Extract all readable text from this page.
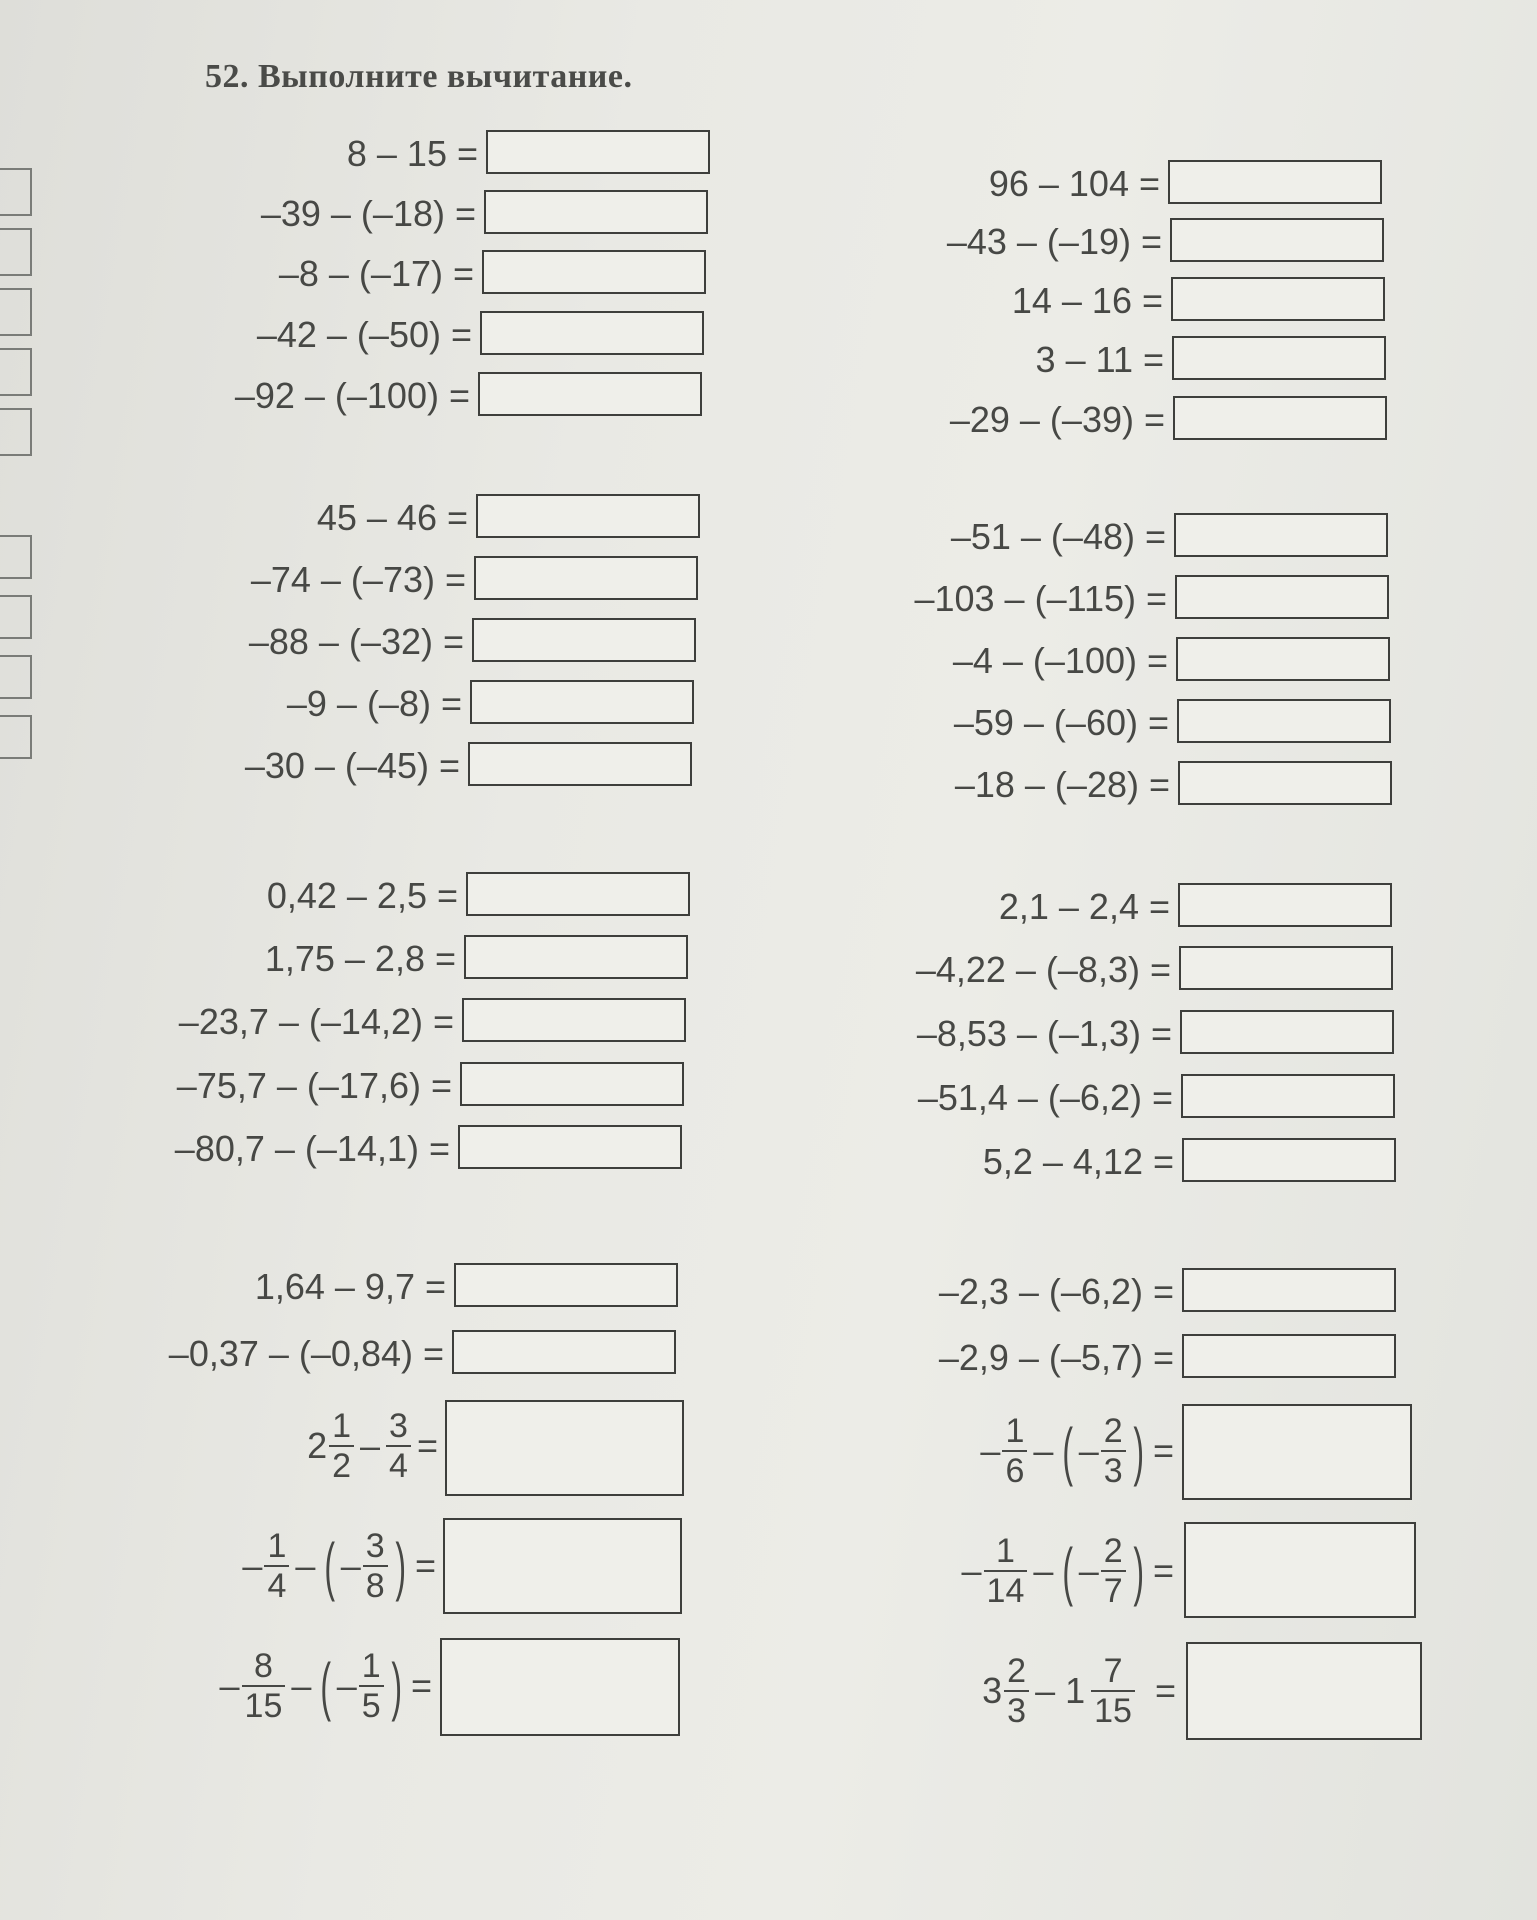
52. Выполните вычитание.
8 – 15 =
–39 – (–18) =
–8 – (–17) =
–42 – (–50) =
–92 – (–100) =
45 – 46 =
–74 – (–73) =
–88 – (–32) =
–9 – (–8) =
–30 – (–45) =
0,42 – 2,5 =
1,75 – 2,8 =
–23,7 – (–14,2) =
–75,7 – (–17,6) =
–80,7 – (–14,1) =
1,64 – 9,7 =
–0,37 – (–0,84) =
96 – 104 =
–43 – (–19) =
14 – 16 =
3 – 11 =
–29 – (–39) =
–51 – (–48) =
–103 – (–115) =
–4 – (–100) =
–59 – (–60) =
–18 – (–28) =
2,1 – 2,4 =
–4,22 – (–8,3) =
–8,53 – (–1,3) =
–51,4 – (–6,2) =
5,2 – 4,12 =
–2,3 – (–6,2) =
–2,9 – (–5,7) =
$2 \frac{1}{2} - \frac{3}{4}$ =
– $\frac{1}{4}$ – ( – $\frac{3}{8}$ ) =
– $\frac{8}{15}$ – ( – $\frac{1}{5}$ ) =
– $\frac{1}{6}$ – ( – $\frac{2}{3}$ ) =
– $\frac{1}{14}$ – ( – $\frac{2}{7}$ ) =
$3 \frac{2}{3} - 1 \frac{7}{15}$ =
